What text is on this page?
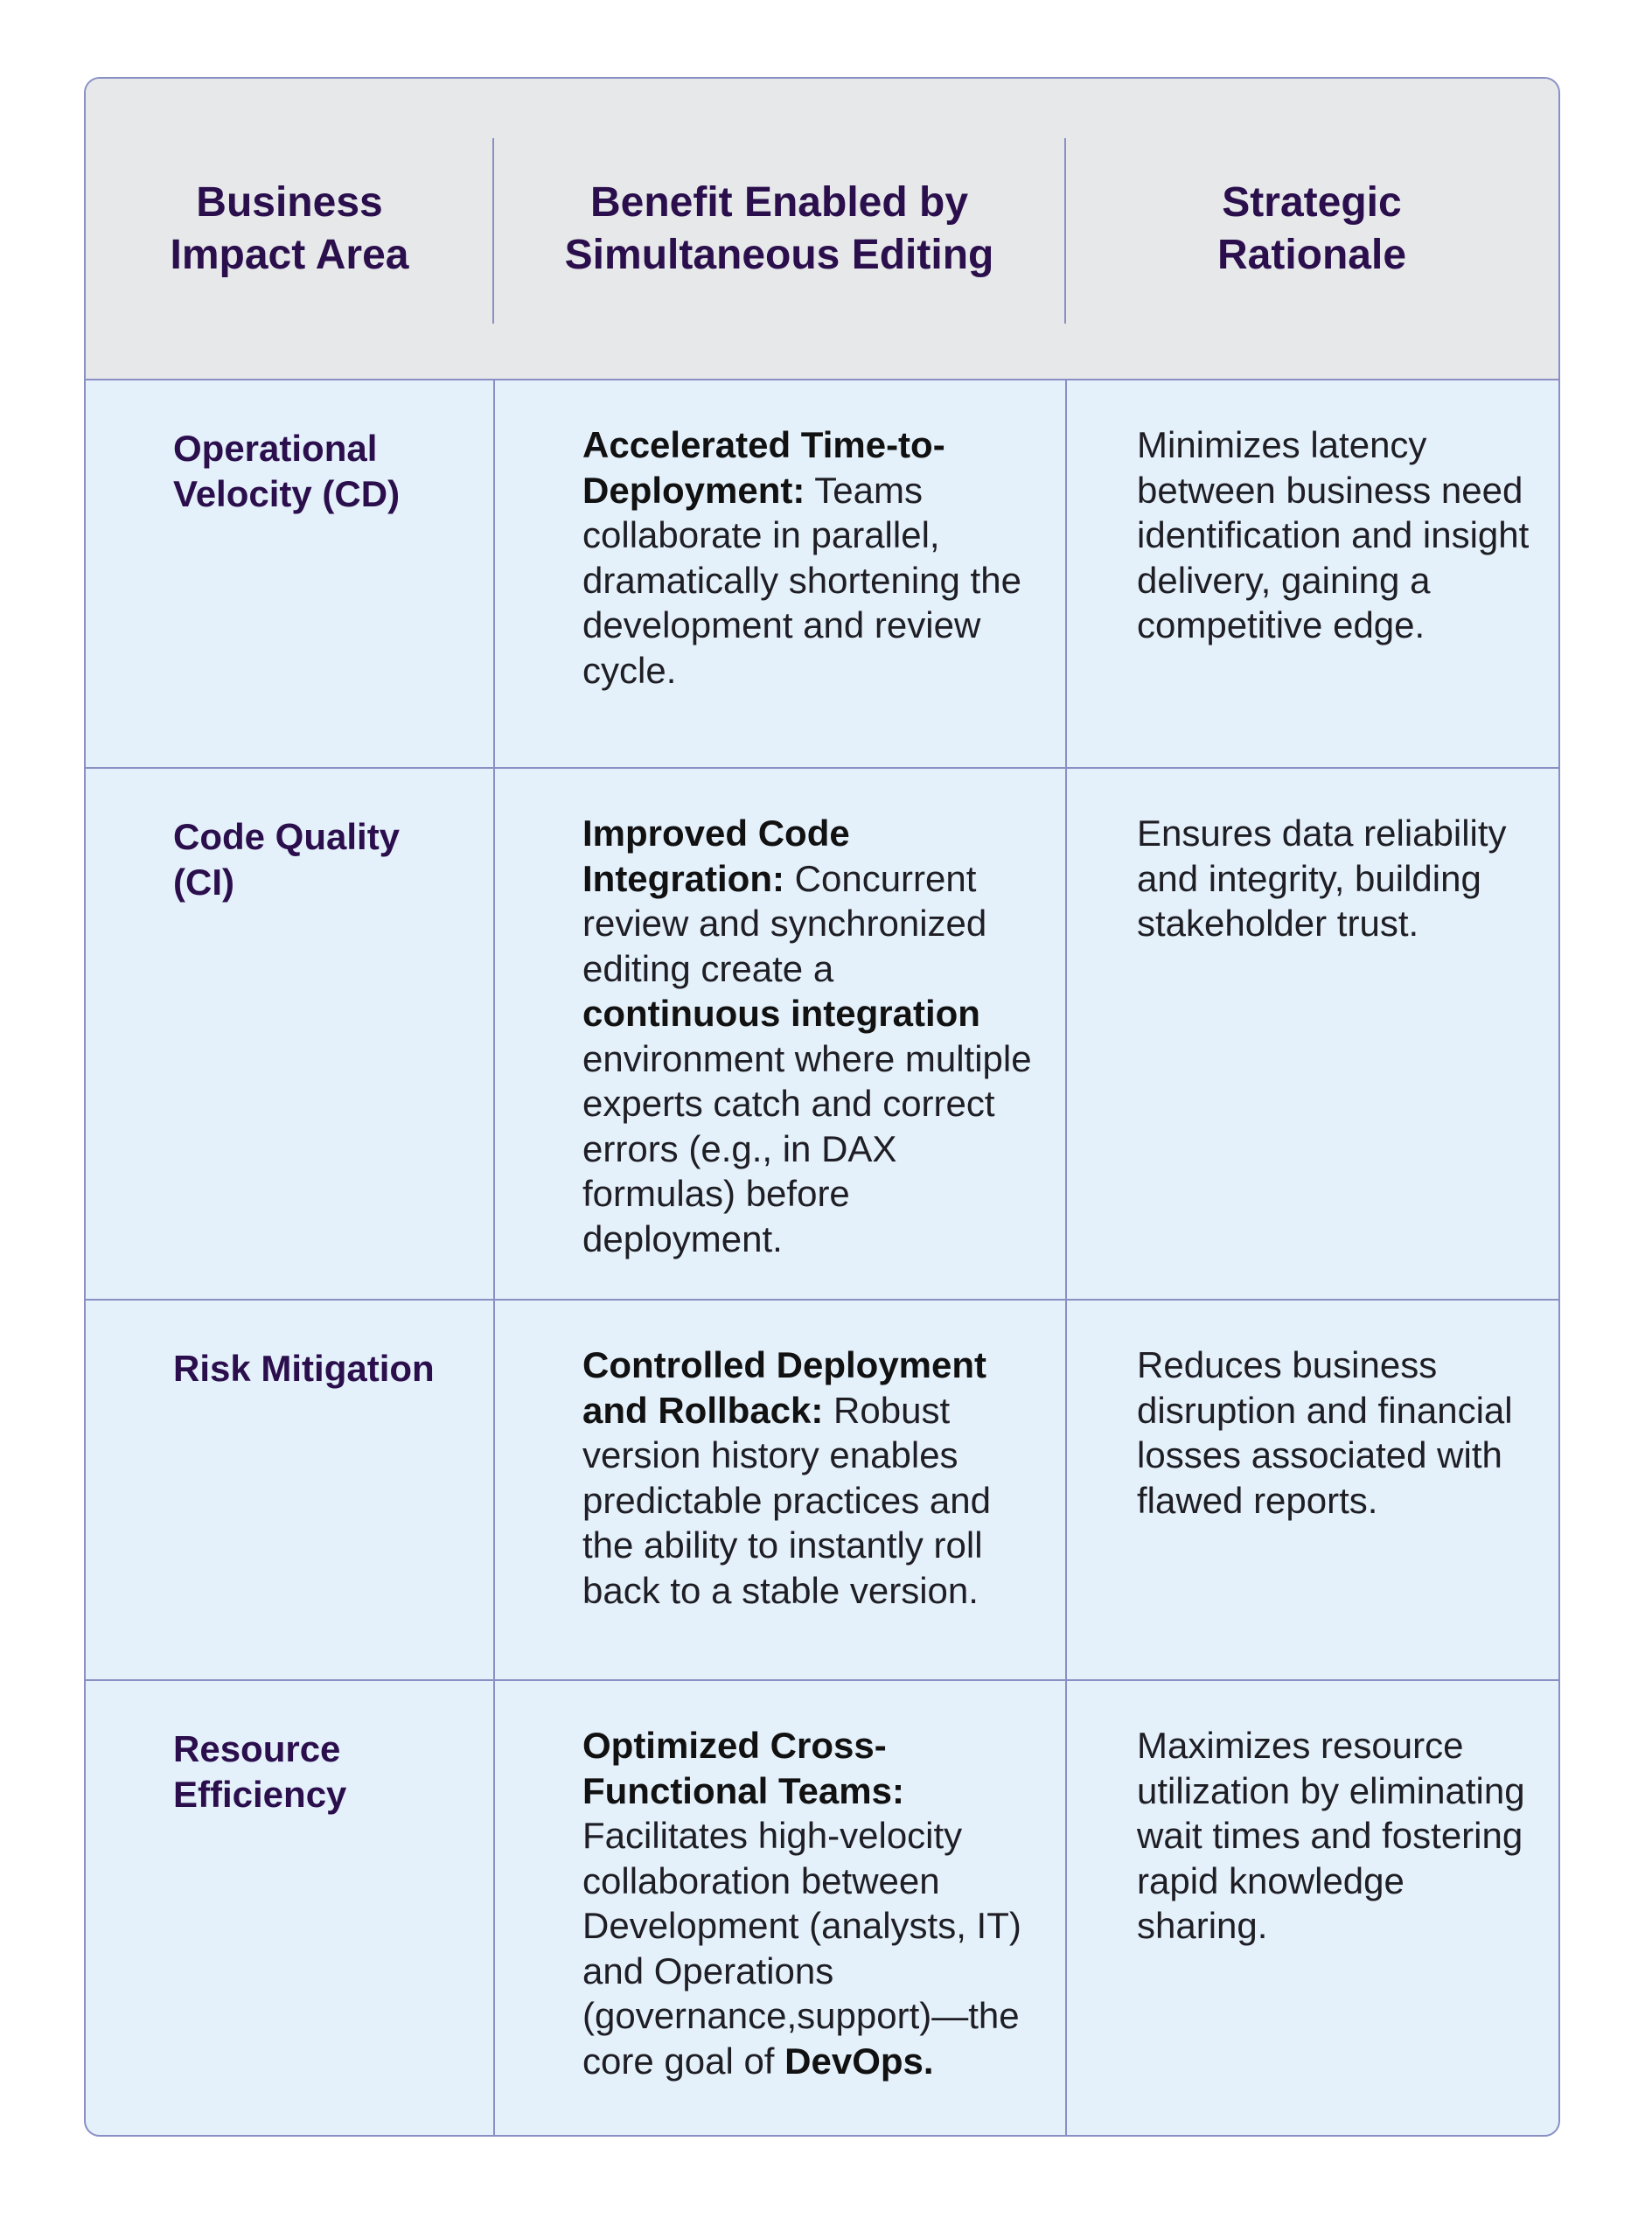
Business
Impact Area
Benefit Enabled by
Simultaneous Editing
Strategic
Rationale
Operational Velocity (CD)
Accelerated Time-to-Deployment: Teams collaborate in parallel, dramatically shortening the development and review cycle.
Minimizes latency between business need identification and insight delivery, gaining a competitive edge.
Code Quality (CI)
Improved Code Integration: Concurrent review and synchronized editing create a continuous integration environment where multiple experts catch and correct errors (e.g., in DAX formulas) before deployment.
Ensures data reliability and integrity, building stakeholder trust.
Risk Mitigation	Controlled Deployment and Rollback: Robust version history enables predictable practices and the ability to instantly roll back to a stable version.
Reduces business disruption and financial losses associated with flawed reports.
Resource Efficiency
Optimized Cross-Functional Teams: Facilitates high-velocity collaboration between Development (analysts, IT) and Operations (governance,support)—the core goal of DevOps.
Maximizes resource utilization by eliminating wait times and fostering rapid knowledge sharing.
